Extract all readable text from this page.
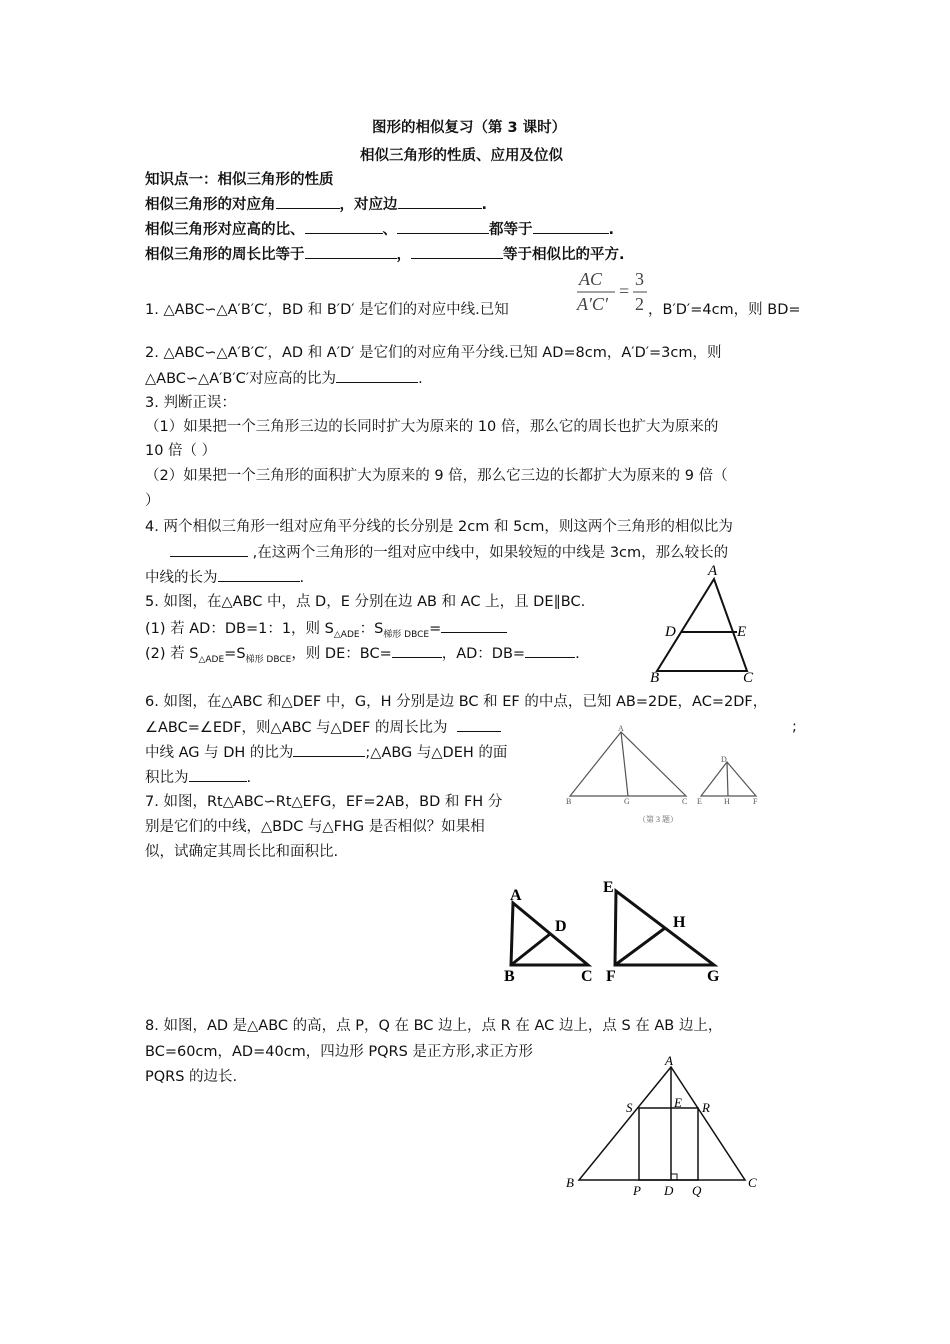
图形的相似复习（第 3 课时）
相似三角形的性质、应用及位似
知识点一：相似三角形的性质
相似三角形的对应角	，对应边	.
相似三角形对应高的比、	、	都等于	.
相似三角形的周长比等于	，	等于相似比的平方.
1. △ABC∽△A′B′C′，BD 和 B′D′ 是它们的对应中线.已知
AC
A′C′
=
3
2 ，B′D′=4cm，则 BD=
2. △ABC∽△A′B′C′，AD 和 A′D′ 是它们的对应角平分线.已知 AD=8cm，A′D′=3cm，则
△ABC∽△A′B′C′对应高的比为	.
3. 判断正误：
（1）如果把一个三角形三边的长同时扩大为原来的 10 倍，那么它的周长也扩大为原来的
10 倍（ ）
（2）如果把一个三角形的面积扩大为原来的 9 倍，那么它三边的长都扩大为原来的 9 倍（
）
4. 两个相似三角形一组对应角平分线的长分别是 2cm 和 5cm，则这两个三角形的相似比为
,在这两个三角形的一组对应中线中，如果较短的中线是 3cm，那么较长的
中线的长为	.
5. 如图，在△ABC 中，点 D，E 分别在边 AB 和 AC 上，且 DE∥BC.
(1) 若 AD：DB=1：1，则 $S_{\triangle ADE}$：$S_{梯形 DBCE}=$
(2) 若 $S_{\triangle ADE}=S_{梯形 DBCE}$，则 DE：BC=	，AD：DB=	.
A
D	E
B	C
6. 如图，在△ABC 和△DEF 中，G，H 分别是边 BC 和 EF 的中点，已知 AB=2DE，AC=2DF，
∠ABC=∠EDF，则△ABC 与△DEF 的周长比为	;
中线 AG 与 DH 的比为	;△ABG 与△DEH 的面
积比为	.
A
B	G	C
D
E	H	F
（第 3 题）
7. 如图，Rt△ABC∽Rt△EFG，EF=2AB，BD 和 FH 分
别是它们的中线，△BDC 与△FHG 是否相似？如果相
似，试确定其周长比和面积比.
A
D
B	C
E
H
F	G
8. 如图，AD 是△ABC 的高，点 P，Q 在 BC 边上，点 R 在 AC 边上，点 S 在 AB 边上，
BC=60cm，AD=40cm，四边形 PQRS 是正方形,求正方形
PQRS 的边长.
A
S	E R
B
P D Q
C
